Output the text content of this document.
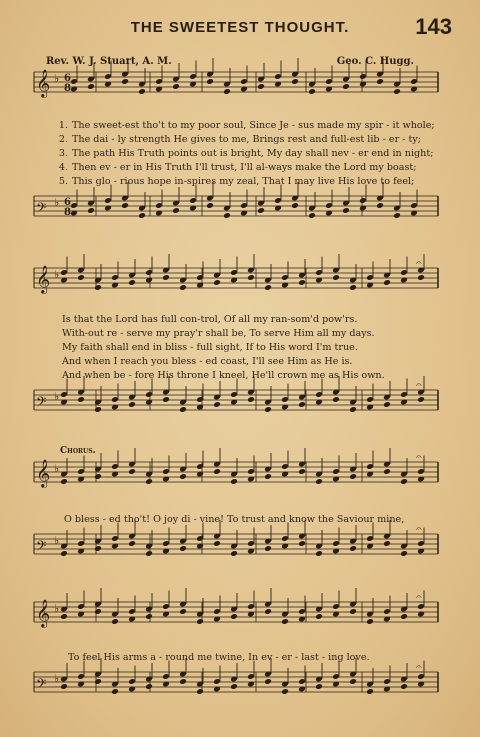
𝄞 ♭ 6
8
𝄢 ♭ 6
8
𝄞 ♭
𝄐
𝄢 ♭
𝄐
𝄞 ♭
𝄐
𝄢 ♭
𝄐
𝄞 ♭
𝄐
𝄢 ♭
𝄐
THE SWEETEST THOUGHT.	143
Rev. W. J. Stuart, A. M.	Geo. C. Hugg.
1. The sweet-est tho't to my poor soul, Since Je - sus made my spir - it whole;
2. The dai - ly strength He gives to me, Brings rest and full-est lib - er - ty;
3. The path His Truth points out is bright, My day shall nev - er end in night;
4. Then ev - er in His Truth I'll trust, I'll al-ways make the Lord my boast;
5. This glo - rious hope in-spires my zeal, That I may live His love to feel;
Is that the Lord has full con-trol, Of all my ran-som'd pow'rs.
With-out re - serve my pray'r shall be, To serve Him all my days.
My faith shall end in bliss - full sight, If to His word I'm true.
And when I reach you bless - ed coast, I'll see Him as He is.
And when be - fore His throne I kneel, He'll crown me as His own.
Chorus.
O bless - ed tho't! O joy di - vine! To trust and know the Saviour mine,
To feel His arms a - round me twine, In ev - er - last - ing love.
